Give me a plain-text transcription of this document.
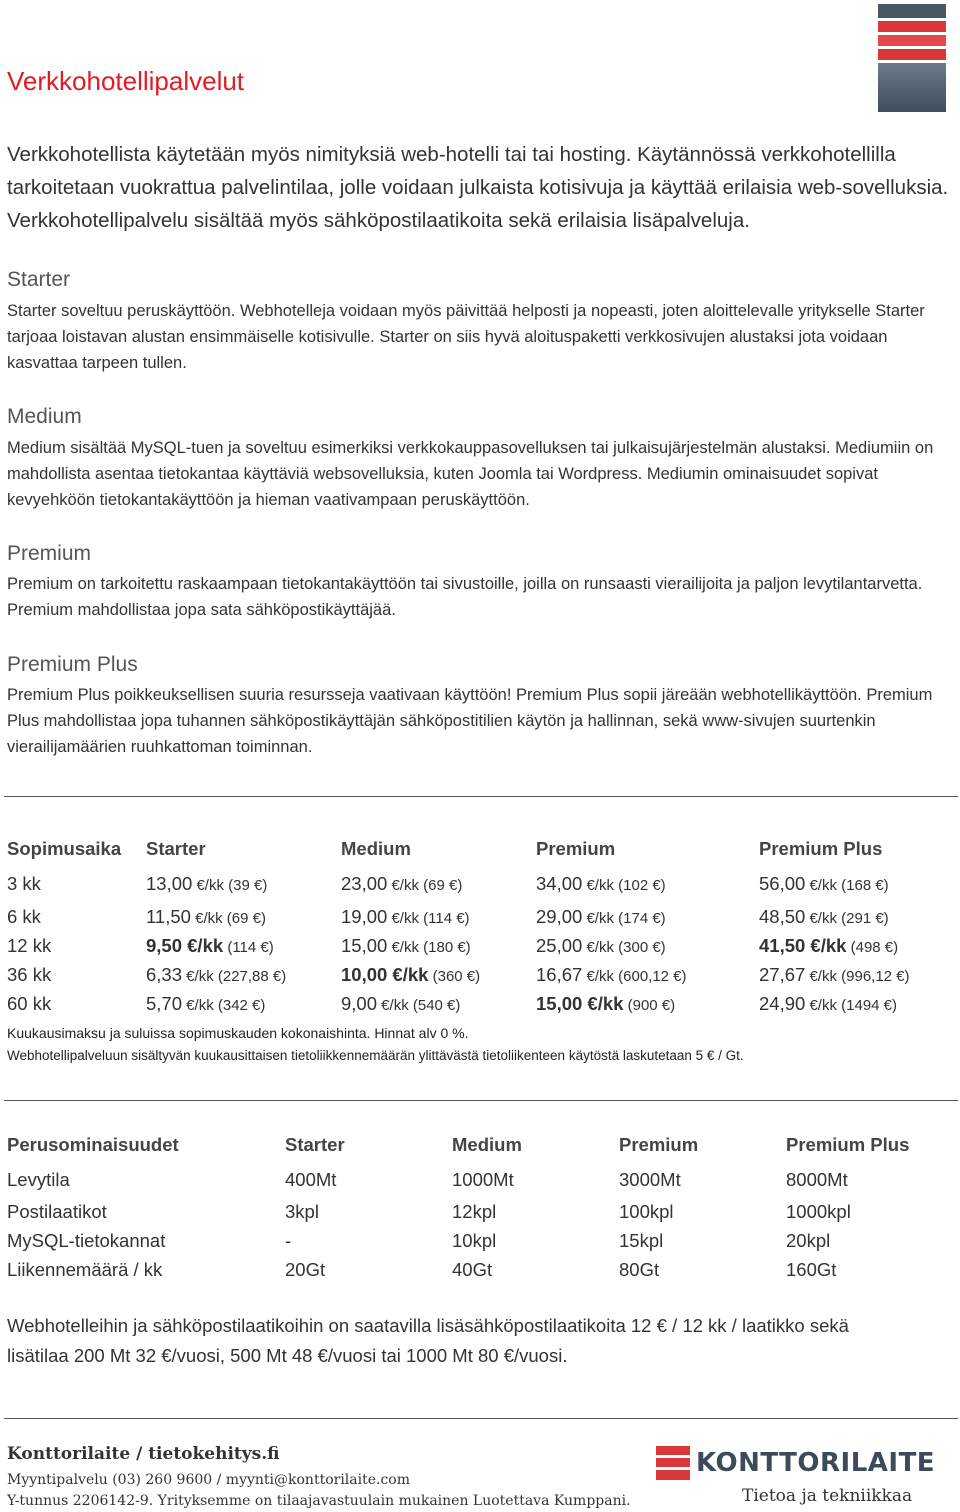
Verkkohotellipalvelut

Verkkohotellista käytetään myös nimityksiä web-hotelli tai tai hosting. Käytännössä verkkohotellilla tarkoitetaan vuokrattua palvelintilaa, jolle voidaan julkaista kotisivuja ja käyttää erilaisia web-sovelluksia. Verkkohotellipalvelu sisältää myös sähköpostilaatikoita sekä erilaisia lisäpalveluja.

Starter

Starter soveltuu peruskäyttöön. Webhotelleja voidaan myös päivittää helposti ja nopeasti, joten aloittelevalle yritykselle Starter tarjoaa loistavan alustan ensimmäiselle kotisivulle. Starter on siis hyvä aloituspaketti verkkosivujen alustaksi jota voidaan kasvattaa tarpeen tullen.

Medium

Medium sisältää MySQL-tuen ja soveltuu esimerkiksi verkkokauppasovelluksen tai julkaisujärjestelmän alustaksi. Mediumiin on mahdollista asentaa tietokantaa käyttäviä websovelluksia, kuten Joomla tai Wordpress. Mediumin ominaisuudet sopivat kevyehköön tietokantakäyttöön ja hieman vaativampaan peruskäyttöön.

Premium

Premium on tarkoitettu raskaampaan tietokantakäyttöön tai sivustoille, joilla on runsaasti vierailijoita ja paljon levytilantarvetta. Premium mahdollistaa jopa sata sähköpostikäyttäjää.

Premium Plus

Premium Plus poikkeuksellisen suuria resursseja vaativaan käyttöön! Premium Plus sopii järeään webhotellikäyttöön. Premium Plus mahdollistaa jopa tuhannen sähköpostikäyttäjän sähköpostitilien käytön ja hallinnan, sekä www-sivujen suurtenkin vierailijamäärien ruuhkattoman toiminnan.

Sopimusaika	Starter	Medium	Premium	Premium Plus
3 kk	13,00 €/kk (39 €)	23,00 €/kk (69 €)	34,00 €/kk (102 €)	56,00 €/kk (168 €)
6 kk	11,50 €/kk (69 €)	19,00 €/kk (114 €)	29,00 €/kk (174 €)	48,50 €/kk (291 €)
12 kk	9,50 €/kk (114 €)	15,00 €/kk (180 €)	25,00 €/kk (300 €)	41,50 €/kk (498 €)
36 kk	6,33 €/kk (227,88 €)	10,00 €/kk (360 €)	16,67 €/kk (600,12 €)	27,67 €/kk (996,12 €)
60 kk	5,70 €/kk (342 €)	9,00 €/kk (540 €)	15,00 €/kk (900 €)	24,90 €/kk (1494 €)
Kuukausimaksu ja suluissa sopimuskauden kokonaishinta. Hinnat alv 0 %.
Webhotellipalveluun sisältyvän kuukausittaisen tietoliikkennemäärän ylittävästä tietoliikenteen käytöstä laskutetaan 5 € / Gt.
Perusominaisuudet	Starter	Medium	Premium	Premium Plus
Levytila	400Mt	1000Mt	3000Mt	8000Mt
Postilaatikot	3kpl	12kpl	100kpl	1000kpl
MySQL-tietokannat	-	10kpl	15kpl	20kpl
Liikennemäärä / kk	20Gt	40Gt	80Gt	160Gt

Webhotelleihin ja sähköpostilaatikoihin on saatavilla lisäsähköpostilaatikoita 12 € / 12 kk / laatikko sekä lisätilaa 200 Mt 32 €/vuosi, 500 Mt 48 €/vuosi tai 1000 Mt 80 €/vuosi.

Konttorilaite / tietokehitys.fi
Myyntipalvelu (03) 260 9600 / myynti@konttorilaite.com
Y-tunnus 2206142-9. Yrityksemme on tilaajavastuulain mukainen Luotettava Kumppani.
KONTTORILAITE
Tietoa ja tekniikkaa
